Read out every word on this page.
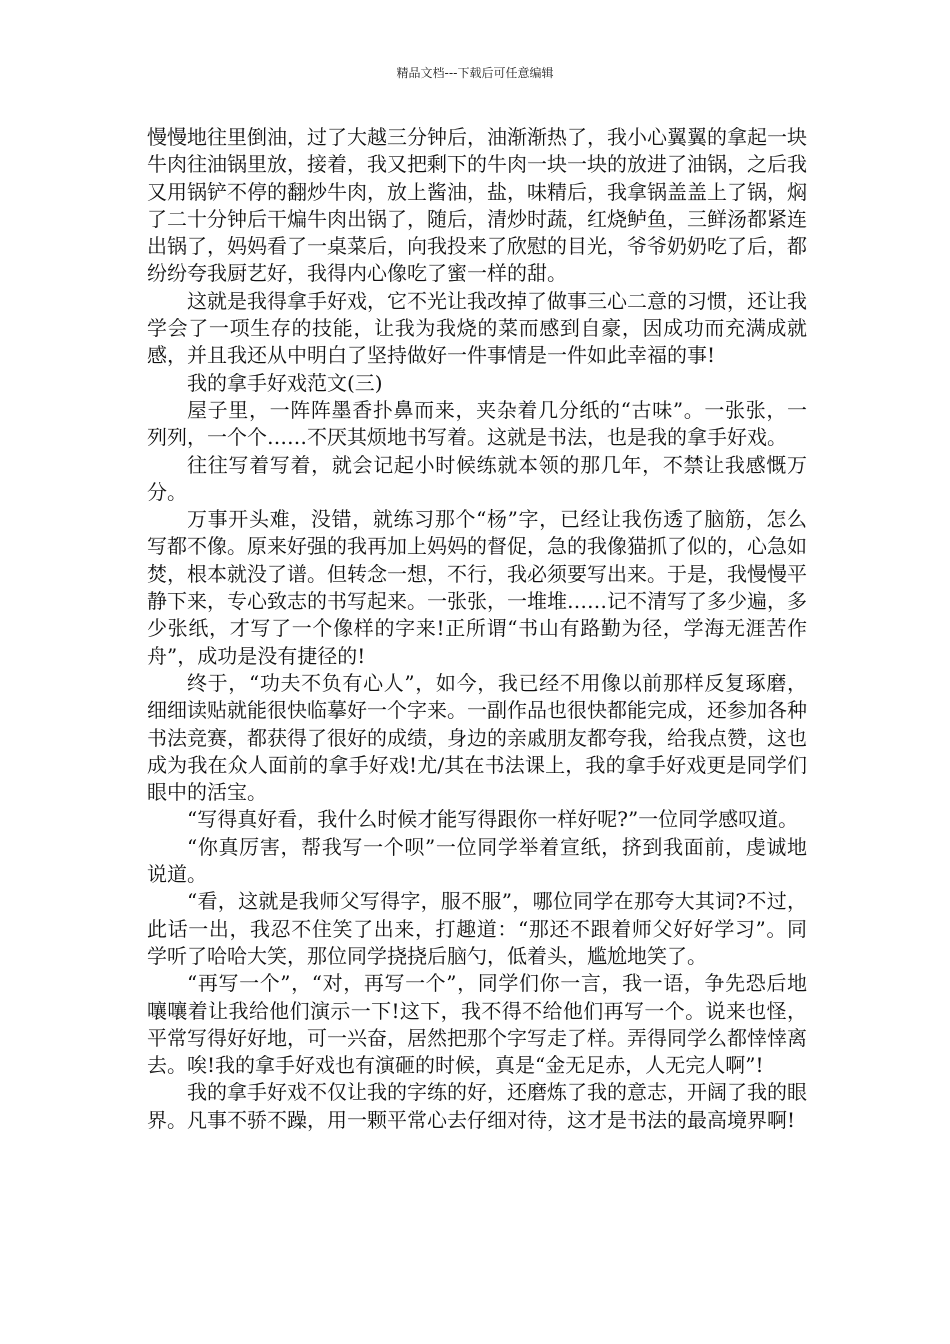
精品文档---下载后可任意编辑

慢慢地往里倒油，过了大越三分钟后，油渐渐热了，我小心翼翼的拿起一块牛肉往油锅里放，接着，我又把剩下的牛肉一块一块的放进了油锅，之后我又用锅铲不停的翻炒牛肉，放上酱油，盐，味精后，我拿锅盖盖上了锅，焖了二十分钟后干煸牛肉出锅了，随后，清炒时蔬，红烧鲈鱼，三鲜汤都紧连出锅了，妈妈看了一桌菜后，向我投来了欣慰的目光，爷爷奶奶吃了后，都纷纷夸我厨艺好，我得内心像吃了蜜一样的甜。

这就是我得拿手好戏，它不光让我改掉了做事三心二意的习惯，还让我学会了一项生存的技能，让我为我烧的菜而感到自豪，因成功而充满成就感，并且我还从中明白了坚持做好一件事情是一件如此幸福的事!

我的拿手好戏范文(三)

屋子里，一阵阵墨香扑鼻而来，夹杂着几分纸的“古味”。一张张，一列列，一个个……不厌其烦地书写着。这就是书法，也是我的拿手好戏。

往往写着写着，就会记起小时候练就本领的那几年，不禁让我感慨万分。

万事开头难，没错，就练习那个“杨”字，已经让我伤透了脑筋，怎么写都不像。原来好强的我再加上妈妈的督促，急的我像猫抓了似的，心急如焚，根本就没了谱。但转念一想，不行，我必须要写出来。于是，我慢慢平静下来，专心致志的书写起来。一张张，一堆堆……记不清写了多少遍，多少张纸，才写了一个像样的字来!正所谓“书山有路勤为径，学海无涯苦作舟”，成功是没有捷径的!

终于，“功夫不负有心人”，如今，我已经不用像以前那样反复琢磨，细细读贴就能很快临摹好一个字来。一副作品也很快都能完成，还参加各种书法竞赛，都获得了很好的成绩，身边的亲戚朋友都夸我，给我点赞，这也成为我在众人面前的拿手好戏!尤/其在书法课上，我的拿手好戏更是同学们眼中的活宝。

“写得真好看，我什么时候才能写得跟你一样好呢?”一位同学感叹道。

“你真厉害，帮我写一个呗”一位同学举着宣纸，挤到我面前，虔诚地说道。

“看，这就是我师父写得字，服不服”，哪位同学在那夸大其词?不过，此话一出，我忍不住笑了出来，打趣道：“那还不跟着师父好好学习”。同学听了哈哈大笑，那位同学挠挠后脑勺，低着头，尴尬地笑了。

“再写一个”，“对，再写一个”，同学们你一言，我一语，争先恐后地嚷嚷着让我给他们演示一下!这下，我不得不给他们再写一个。说来也怪，平常写得好好地，可一兴奋，居然把那个字写走了样。弄得同学么都悻悻离去。唉!我的拿手好戏也有演砸的时候，真是“金无足赤，人无完人啊”!

我的拿手好戏不仅让我的字练的好，还磨炼了我的意志，开阔了我的眼界。凡事不骄不躁，用一颗平常心去仔细对待，这才是书法的最高境界啊!
